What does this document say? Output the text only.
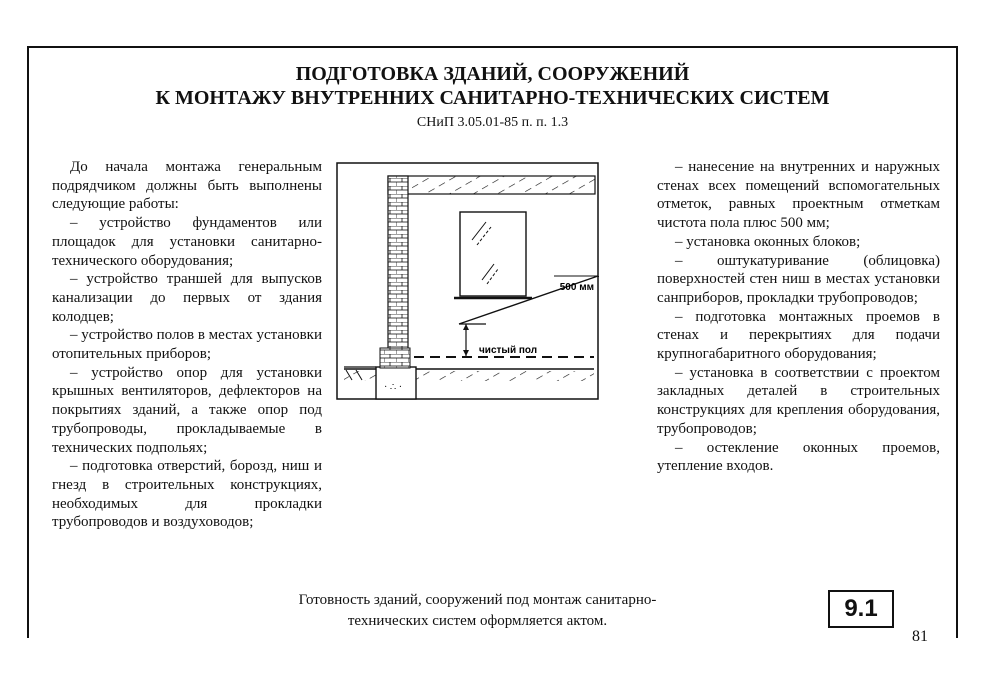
ПОДГОТОВКА ЗДАНИЙ, СООРУЖЕНИЙ
К МОНТАЖУ ВНУТРЕННИХ САНИТАРНО-ТЕХНИЧЕСКИХ СИСТЕМ
СНиП 3.05.01-85 п. п. 1.3

До начала монтажа генеральным подрядчиком должны быть выполнены следующие работы:

– устройство фундаментов или площадок для установки санитарно-технического оборудования;

– устройство траншей для выпусков канализации до первых от здания колодцев;

– устройство полов в местах установки отопительных приборов;

– устройство опор для установки крышных вентиляторов, дефлекторов на покрытиях зданий, а также опор под трубопроводы, прокладываемые в технических подпольях;

– подготовка отверстий, борозд, ниш и гнезд в строительных конструкциях, необходимых для прокладки трубопроводов и воздуховодов;

500 мм
чистый пол
· ∴ ·

– нанесение на внутренних и наружных стенах всех помещений вспомогательных отметок, равных проектным отметкам чистота пола плюс 500 мм;

– установка оконных блоков;

– оштукатуривание (облицовка) поверхностей стен ниш в местах установки санприборов, прокладки трубопроводов;

– подготовка монтажных проемов в стенах и перекрытиях для подачи крупногабаритного оборудования;

– установка в соответствии с проектом закладных деталей в строительных конструкциях для крепления оборудования, трубопроводов;

– остекление оконных проемов, утепление входов.

Готовность зданий, сооружений под монтаж санитарно-
технических систем оформляется актом.	9.1
81
